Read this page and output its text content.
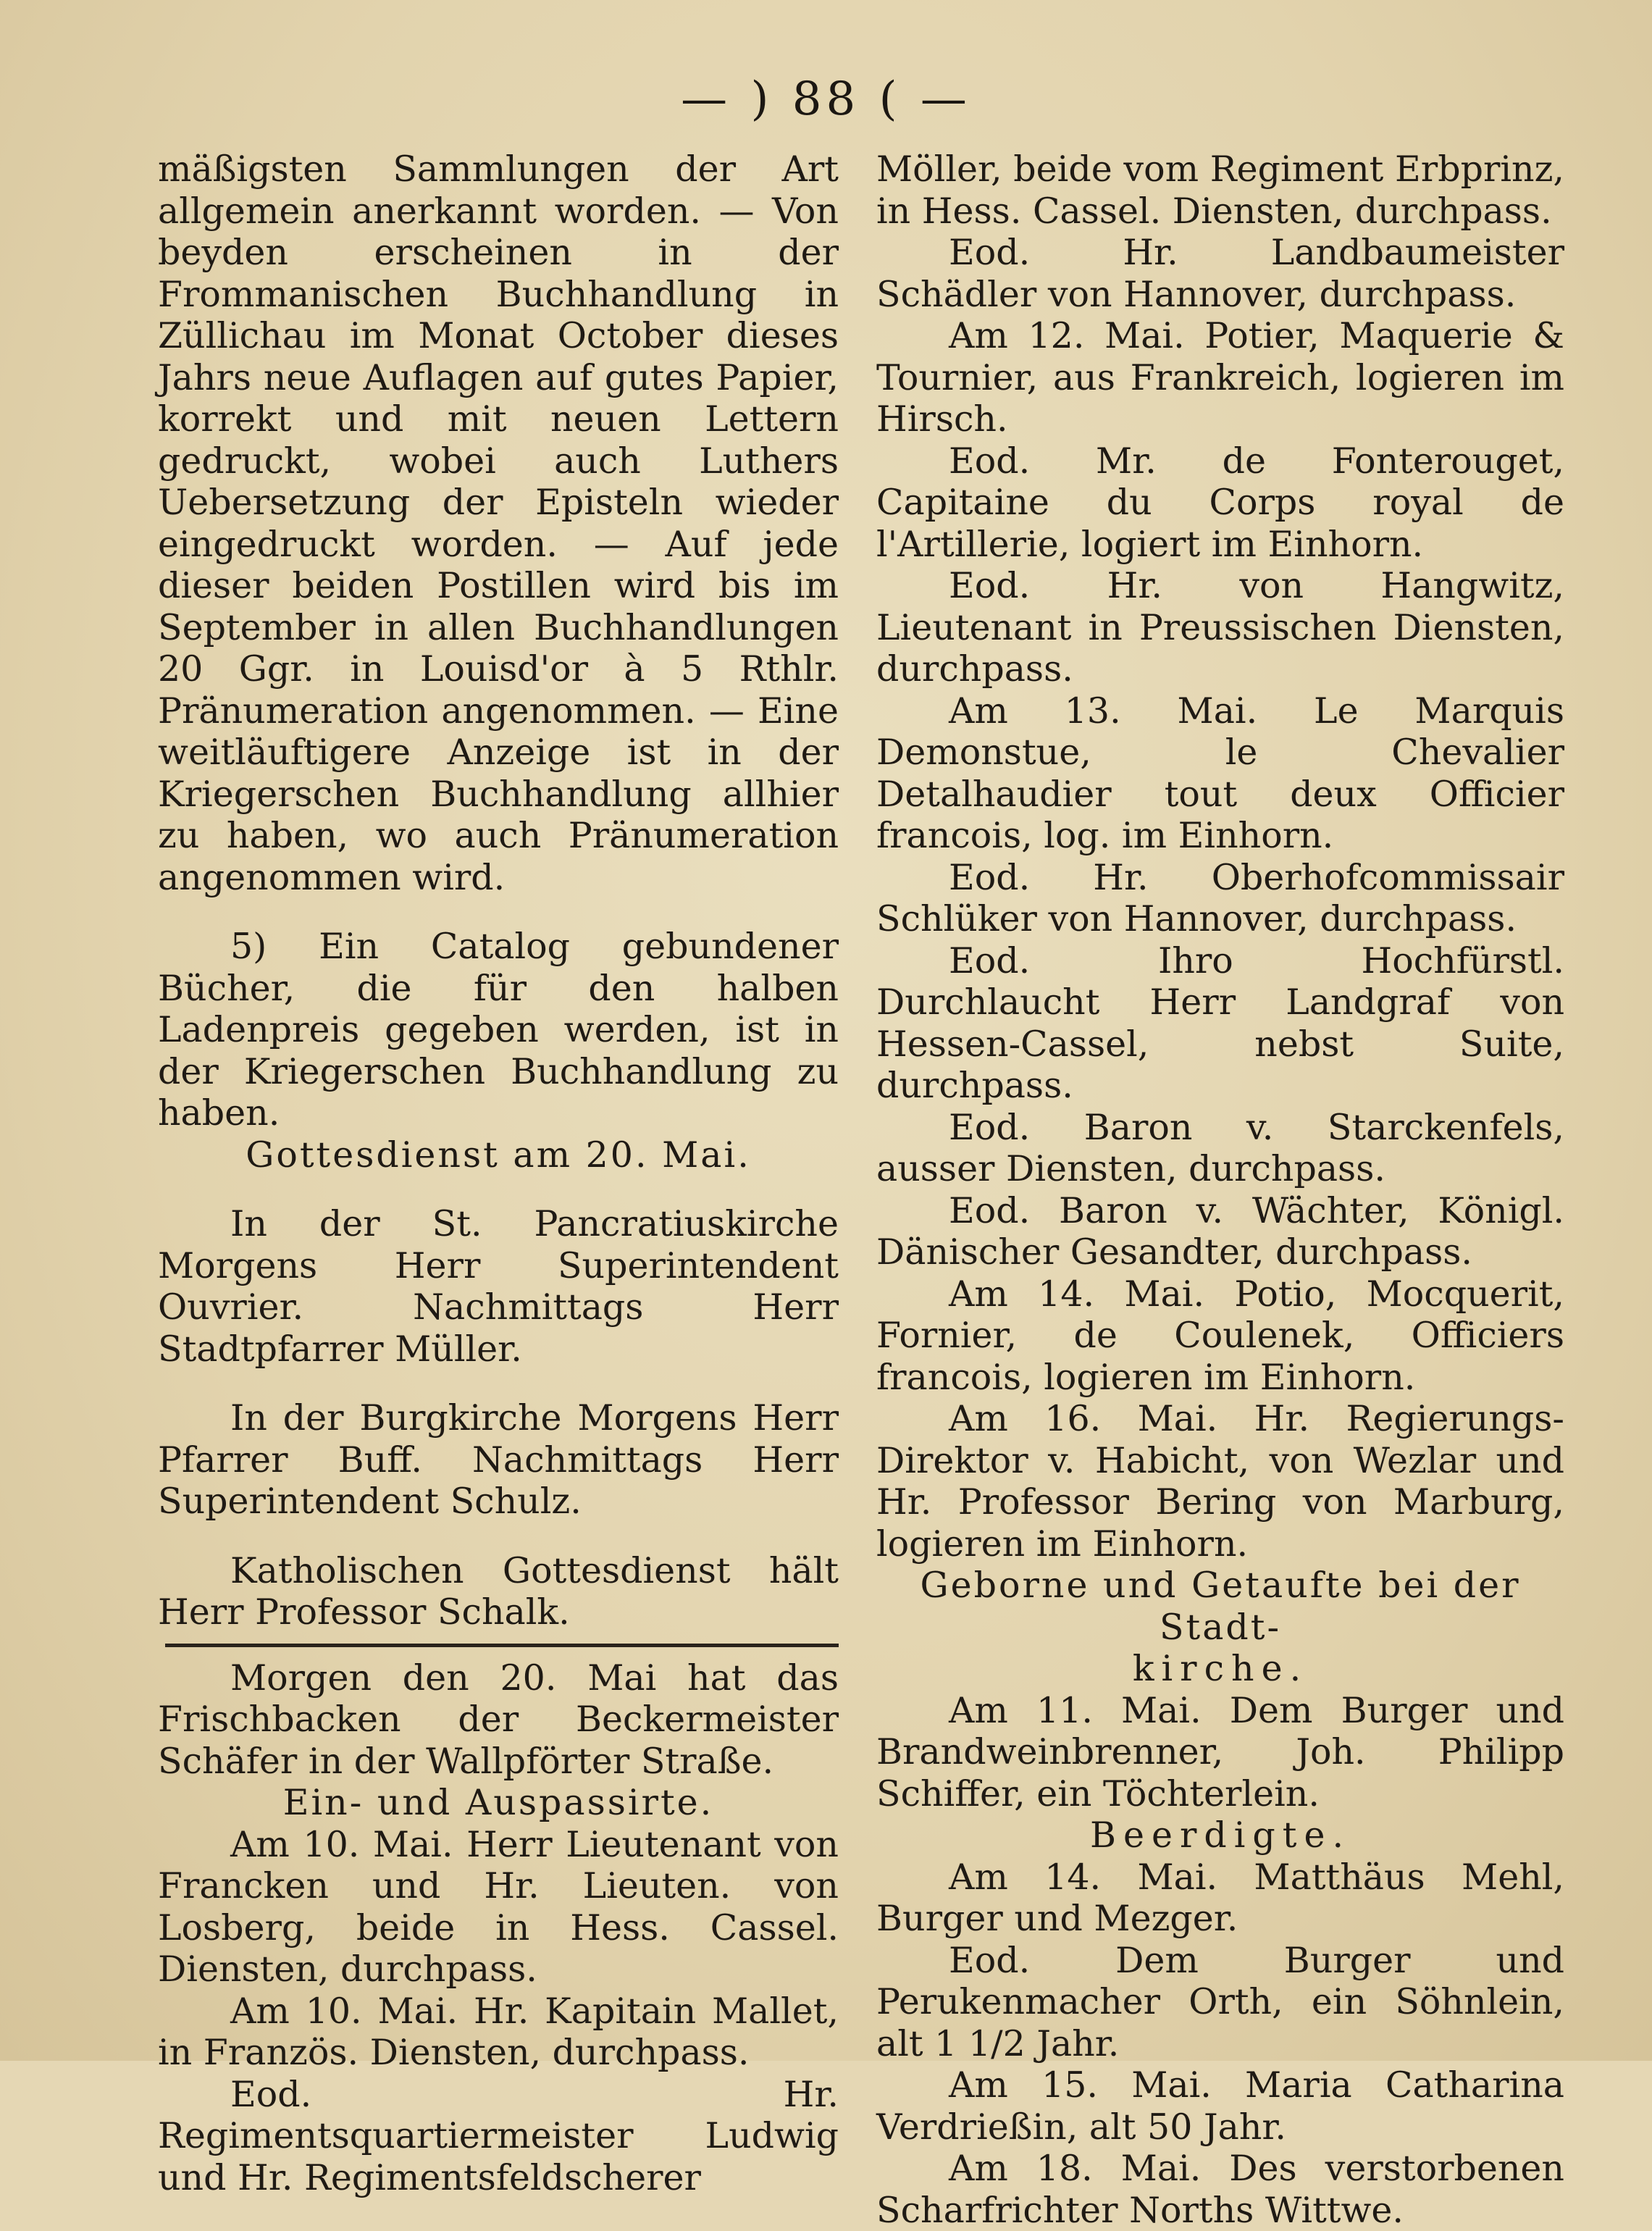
— ) 88 ( —

mäßigsten Sammlungen der Art allgemein anerkannt worden. — Von beyden erscheinen in der Frommanischen Buchhandlung in Züllichau im Monat October dieses Jahrs neue Auflagen auf gutes Papier, korrekt und mit neuen Lettern gedruckt, wobei auch Luthers Uebersetzung der Episteln wieder eingedruckt worden. — Auf jede dieser beiden Postillen wird bis im September in allen Buchhandlungen 20 Ggr. in Louisd'or à 5 Rthlr. Pränumeration angenommen. — Eine weitläuftigere Anzeige ist in der Kriegerschen Buchhandlung allhier zu haben, wo auch Pränumeration angenommen wird.

5) Ein Catalog gebundener Bücher, die für den halben Ladenpreis gegeben werden, ist in der Kriegerschen Buchhandlung zu haben.

Gottesdienst am 20. Mai.

In der St. Pancratiuskirche Morgens Herr Superintendent Ouvrier. Nachmittags Herr Stadtpfarrer Müller.

In der Burgkirche Morgens Herr Pfarrer Buff. Nachmittags Herr Superintendent Schulz.

Katholischen Gottesdienst hält Herr Professor Schalk.

Morgen den 20. Mai hat das Frischbacken der Beckermeister Schäfer in der Wallpförter Straße.

Ein- und Auspassirte.

Am 10. Mai. Herr Lieutenant von Francken und Hr. Lieuten. von Losberg, beide in Hess. Cassel. Diensten, durchpass.

Am 10. Mai. Hr. Kapitain Mallet, in Französ. Diensten, durchpass.

Eod. Hr. Regimentsquartiermeister Ludwig und Hr. Regimentsfeldscherer

Möller, beide vom Regiment Erbprinz, in Hess. Cassel. Diensten, durchpass.

Eod. Hr. Landbaumeister Schädler von Hannover, durchpass.

Am 12. Mai. Potier, Maquerie & Tournier, aus Frankreich, logieren im Hirsch.

Eod. Mr. de Fonterouget, Capitaine du Corps royal de l'Artillerie, logiert im Einhorn.

Eod. Hr. von Hangwitz, Lieutenant in Preussischen Diensten, durchpass.

Am 13. Mai. Le Marquis Demonstue, le Chevalier Detalhaudier tout deux Officier francois, log. im Einhorn.

Eod. Hr. Oberhofcommissair Schlüker von Hannover, durchpass.

Eod. Ihro Hochfürstl. Durchlaucht Herr Landgraf von Hessen-Cassel, nebst Suite, durchpass.

Eod. Baron v. Starckenfels, ausser Diensten, durchpass.

Eod. Baron v. Wächter, Königl. Dänischer Gesandter, durchpass.

Am 14. Mai. Potio, Mocquerit, Fornier, de Coulenek, Officiers francois, logieren im Einhorn.

Am 16. Mai. Hr. Regierungs-Direktor v. Habicht, von Wezlar und Hr. Professor Bering von Marburg, logieren im Einhorn.

Geborne und Getaufte bei der Stadt-

kirche.

Am 11. Mai. Dem Burger und Brandweinbrenner, Joh. Philipp Schiffer, ein Töchterlein.

Beerdigte.

Am 14. Mai. Matthäus Mehl, Burger und Mezger.

Eod. Dem Burger und Perukenmacher Orth, ein Söhnlein, alt 1 1/2 Jahr.

Am 15. Mai. Maria Catharina Verdrießin, alt 50 Jahr.

Am 18. Mai. Des verstorbenen Scharfrichter Norths Wittwe.
